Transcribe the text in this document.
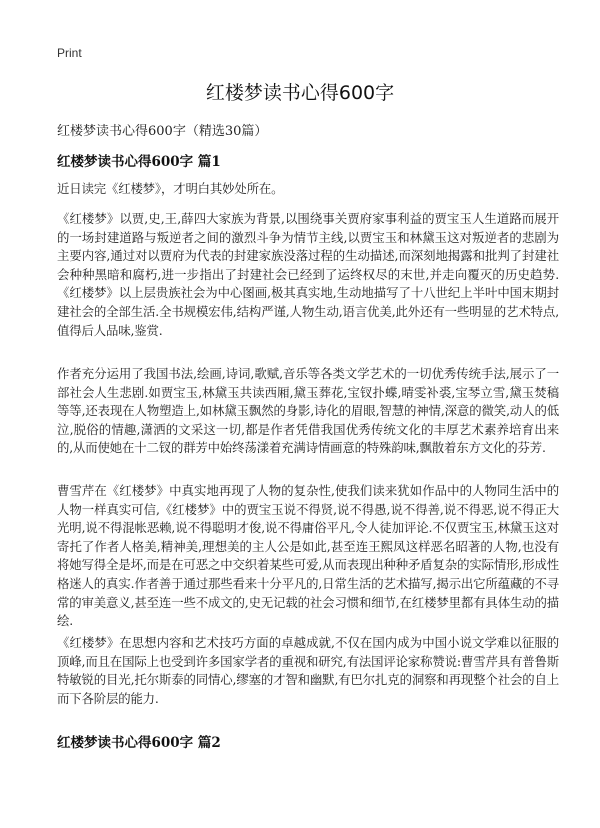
Print
红楼梦读书心得600字
红楼梦读书心得600字（精选30篇）
红楼梦读书心得600字 篇1

近日读完《红楼梦》，才明白其妙处所在。

《红楼梦》以贾,史,王,薛四大家族为背景,以围绕事关贾府家事利益的贾宝玉人生道路而展开的一场封建道路与叛逆者之间的激烈斗争为情节主线,以贾宝玉和林黛玉这对叛逆者的悲剧为主要内容,通过对以贾府为代表的封建家族没落过程的生动描述,而深刻地揭露和批判了封建社会种种黑暗和腐朽,进一步指出了封建社会已经到了运终权尽的末世,并走向覆灭的历史趋势.《红楼梦》以上层贵族社会为中心图画,极其真实地,生动地描写了十八世纪上半叶中国末期封建社会的全部生活.全书规模宏伟,结构严谨,人物生动,语言优美,此外还有一些明显的艺术特点,值得后人品味,鉴赏.

作者充分运用了我国书法,绘画,诗词,歌赋,音乐等各类文学艺术的一切优秀传统手法,展示了一部社会人生悲剧.如贾宝玉,林黛玉共读西厢,黛玉葬花,宝钗扑蝶,晴雯补裘,宝琴立雪,黛玉焚稿等等,还表现在人物塑造上,如林黛玉飘然的身影,诗化的眉眼,智慧的神情,深意的微笑,动人的低泣,脱俗的情趣,潇洒的文采这一切,都是作者凭借我国优秀传统文化的丰厚艺术素养培育出来的,从而使她在十二钗的群芳中始终荡漾着充满诗情画意的特殊韵味,飘散着东方文化的芬芳.

曹雪芹在《红楼梦》中真实地再现了人物的复杂性,使我们读来犹如作品中的人物同生活中的人物一样真实可信,《红楼梦》中的贾宝玉说不得贤,说不得愚,说不得善,说不得恶,说不得正大光明,说不得混帐恶赖,说不得聪明才俊,说不得庸俗平凡,令人徒加评论.不仅贾宝玉,林黛玉这对寄托了作者人格美,精神美,理想美的主人公是如此,甚至连王熙凤这样恶名昭著的人物,也没有将她写得全是坏,而是在可恶之中交织着某些可爱,从而表现出种种矛盾复杂的实际情形,形成性格迷人的真实.作者善于通过那些看来十分平凡的,日常生活的艺术描写,揭示出它所蕴藏的不寻常的审美意义,甚至连一些不成文的,史无记载的社会习惯和细节,在红楼梦里都有具体生动的描绘.

《红楼梦》在思想内容和艺术技巧方面的卓越成就,不仅在国内成为中国小说文学难以征服的顶峰,而且在国际上也受到许多国家学者的重视和研究,有法国评论家称赞说:曹雪芹具有普鲁斯特敏锐的目光,托尔斯泰的同情心,缪塞的才智和幽默,有巴尔扎克的洞察和再现整个社会的自上而下各阶层的能力.

红楼梦读书心得600字 篇2
